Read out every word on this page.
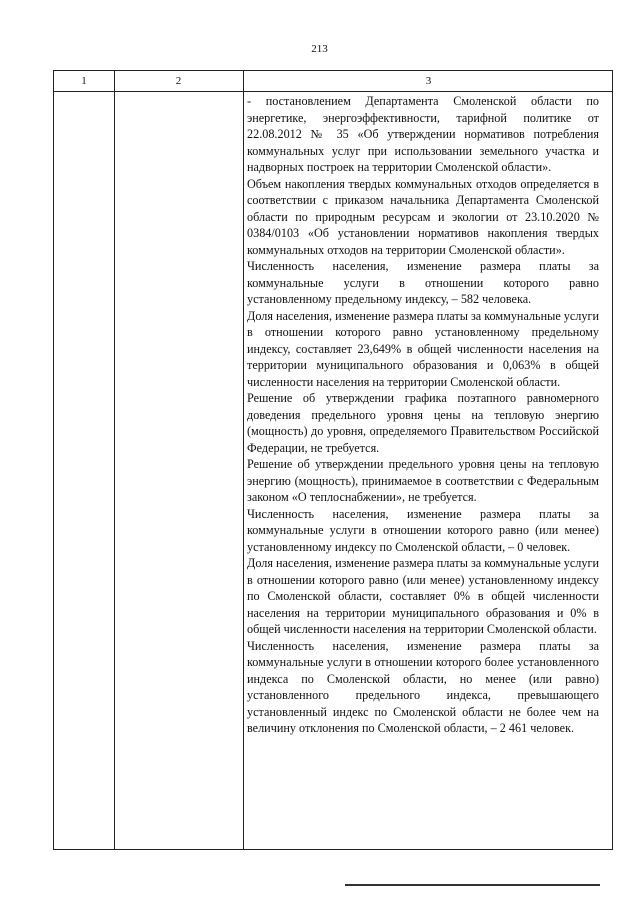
213
1	2	3

- постановлением Департамента Смоленской области по энергетике, энергоэффективности, тарифной политике от 22.08.2012 № 35 «Об утверждении нормативов потребления коммунальных услуг при использовании земельного участка и надворных построек на территории Смоленской области».

Объем накопления твердых коммунальных отходов определяется в соответствии с приказом начальника Департамента Смоленской области по природным ресурсам и экологии от 23.10.2020 № 0384/0103 «Об установлении нормативов накопления твердых коммунальных отходов на территории Смоленской области».

Численность населения, изменение размера платы за коммунальные услуги в отношении которого равно установленному предельному индексу, – 582 человека.

Доля населения, изменение размера платы за коммунальные услуги в отношении которого равно установленному предельному индексу, составляет 23,649% в общей численности населения на территории муниципального образования и 0,063% в общей численности населения на территории Смоленской области.

Решение об утверждении графика поэтапного равномерного доведения предельного уровня цены на тепловую энергию (мощность) до уровня, определяемого Правительством Российской Федерации, не требуется.

Решение об утверждении предельного уровня цены на тепловую энергию (мощность), принимаемое в соответствии с Федеральным законом «О теплоснабжении», не требуется.

Численность населения, изменение размера платы за коммунальные услуги в отношении которого равно (или менее) установленному индексу по Смоленской области, – 0 человек.

Доля населения, изменение размера платы за коммунальные услуги в отношении которого равно (или менее) установленному индексу по Смоленской области, составляет 0% в общей численности населения на территории муниципального образования и 0% в общей численности населения на территории Смоленской области.

Численность населения, изменение размера платы за коммунальные услуги в отношении которого более установленного индекса по Смоленской области, но менее (или равно) установленного предельного индекса, превышающего установленный индекс по Смоленской области не более чем на величину отклонения по Смоленской области, – 2 461 человек.
